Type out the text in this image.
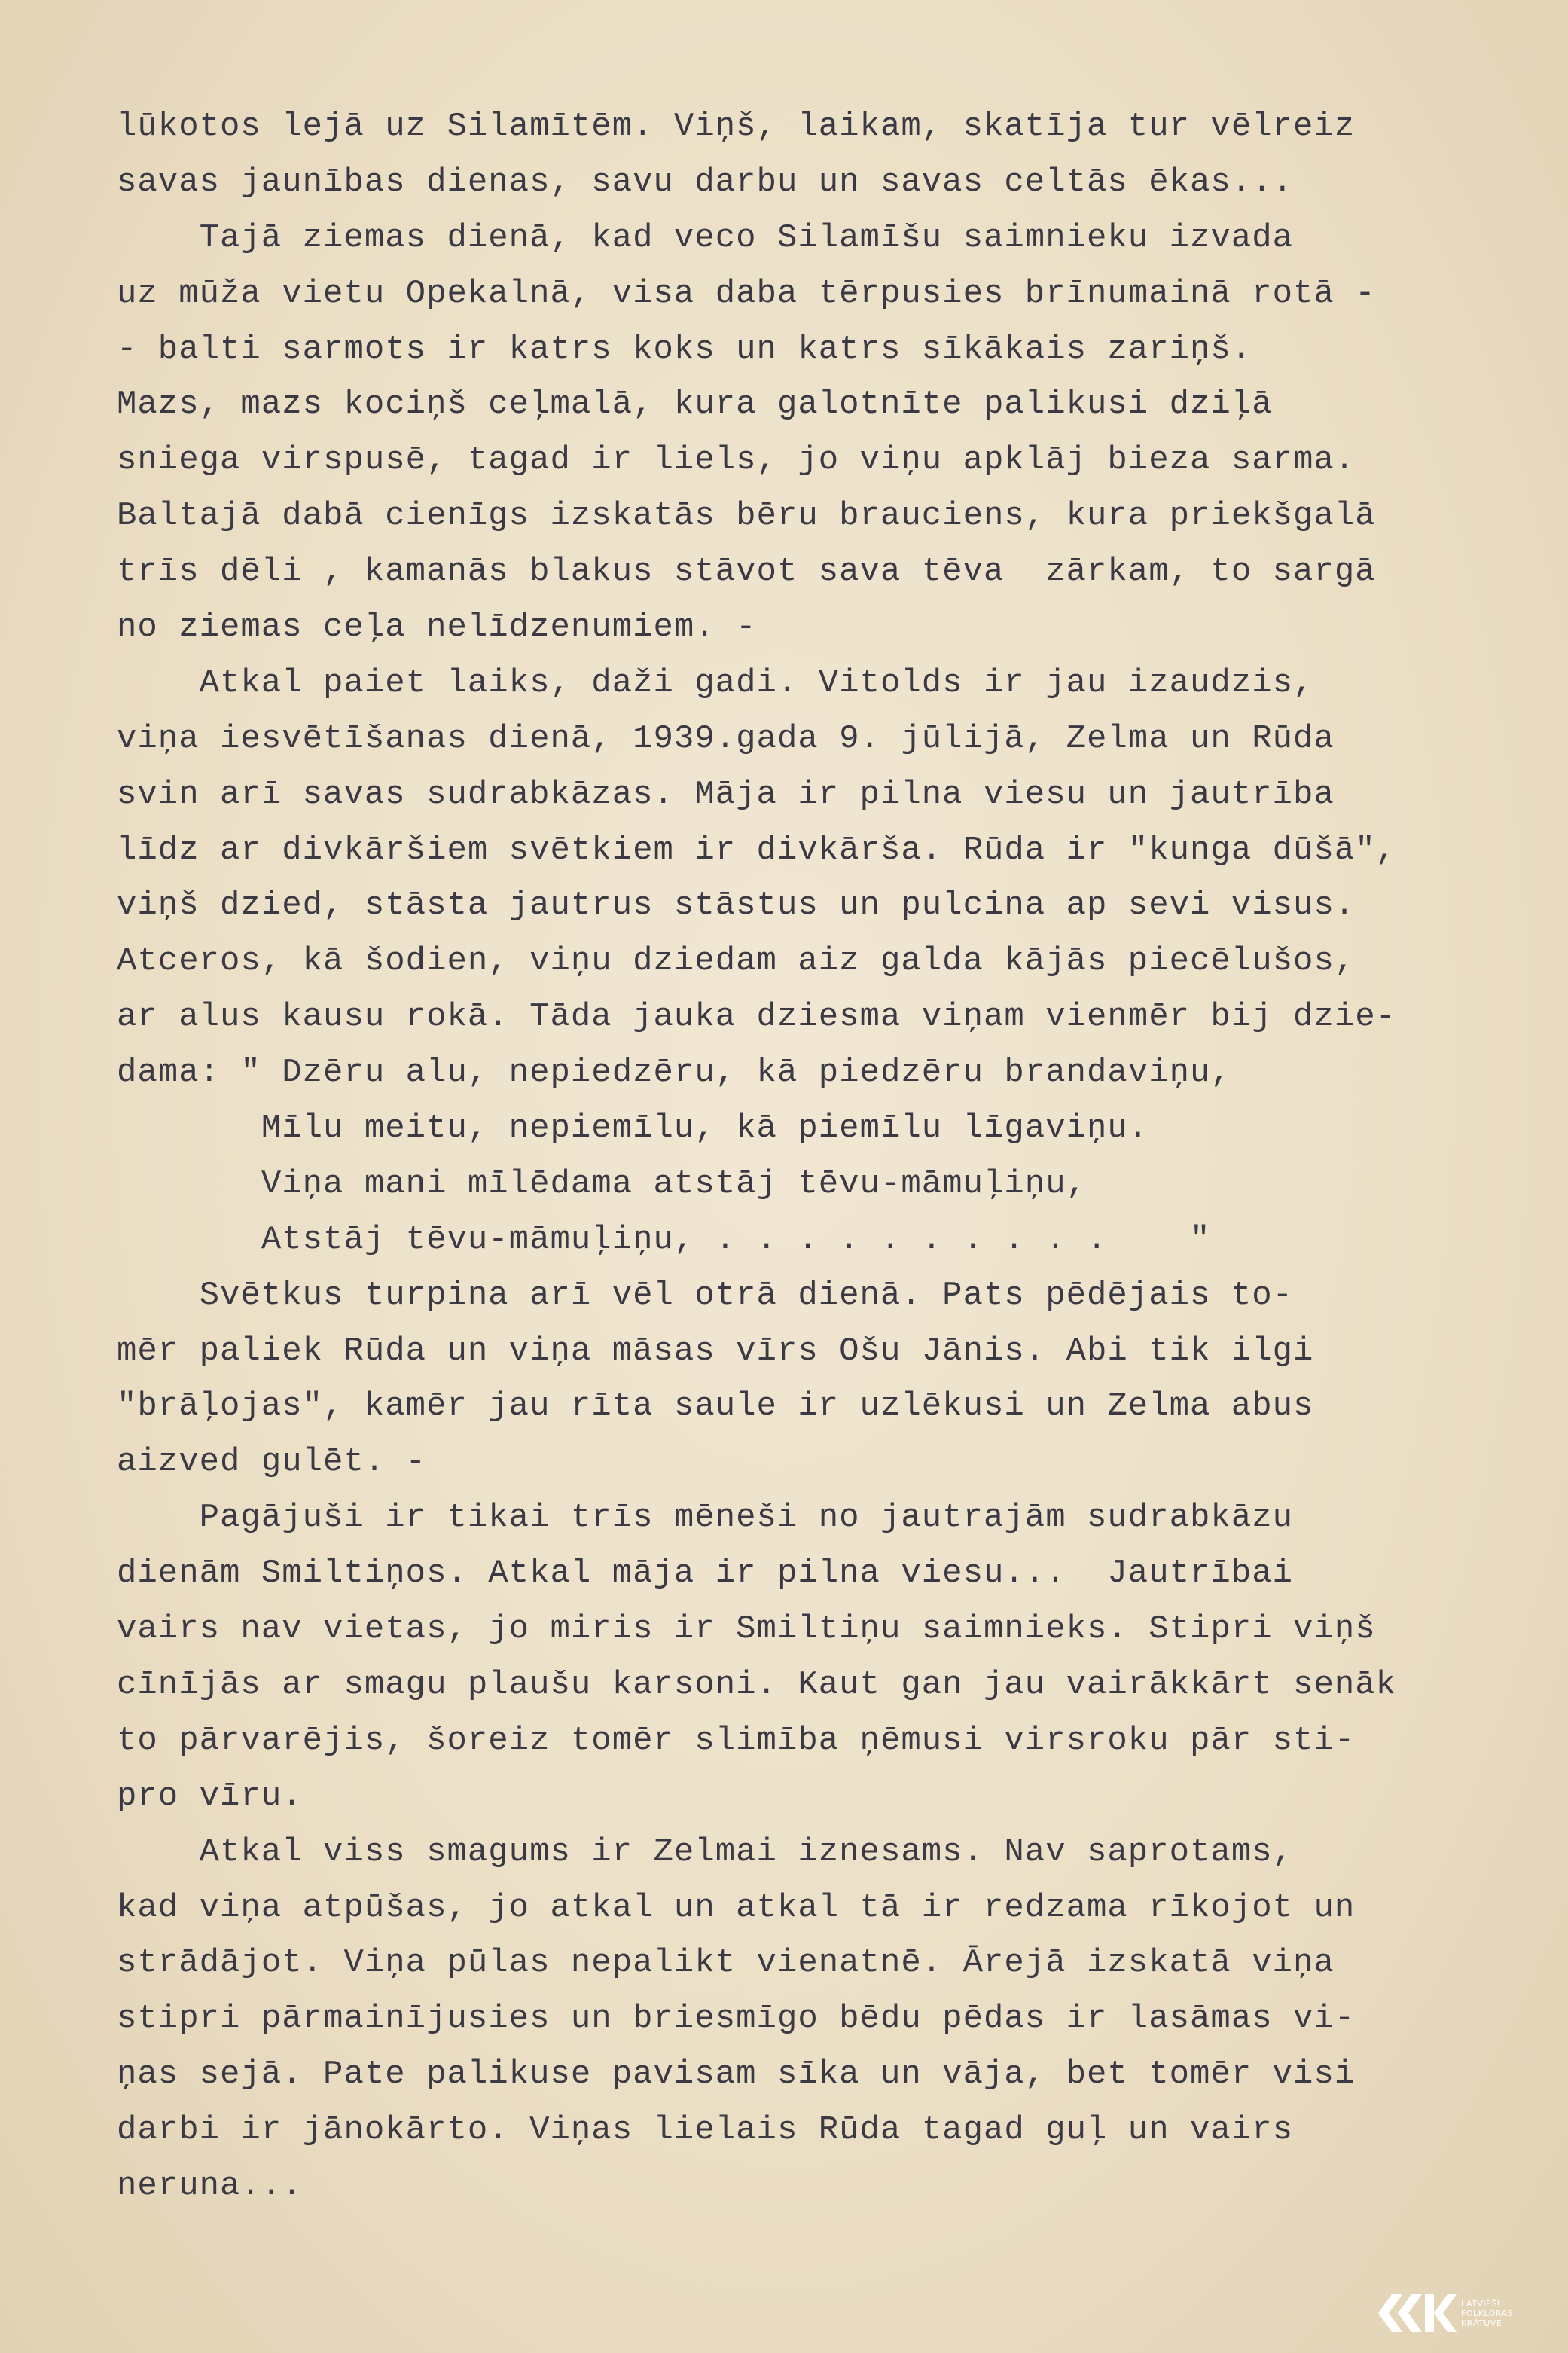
lūkotos lejā uz Silamītēm. Viņš, laikam, skatīja tur vēlreiz
savas jaunības dienas, savu darbu un savas celtās ēkas...
Tajā ziemas dienā, kad veco Silamīšu saimnieku izvada
uz mūža vietu Opekalnā, visa daba tērpusies brīnumainā rotā -
- balti sarmots ir katrs koks un katrs sīkākais zariņš.
Mazs, mazs kociņš ceļmalā, kura galotnīte palikusi dziļā
sniega virspusē, tagad ir liels, jo viņu apklāj bieza sarma.
Baltajā dabā cienīgs izskatās bēru brauciens, kura priekšgalā
trīs dēli , kamanās blakus stāvot sava tēva  zārkam, to sargā
no ziemas ceļa nelīdzenumiem. -
Atkal paiet laiks, daži gadi. Vitolds ir jau izaudzis,
viņa iesvētīšanas dienā, 1939.gada 9. jūlijā, Zelma un Rūda
svin arī savas sudrabkāzas. Māja ir pilna viesu un jautrība
līdz ar divkāršiem svētkiem ir divkārša. Rūda ir "kunga dūšā",
viņš dzied, stāsta jautrus stāstus un pulcina ap sevi visus.
Atceros, kā šodien, viņu dziedam aiz galda kājās piecēlušos,
ar alus kausu rokā. Tāda jauka dziesma viņam vienmēr bij dzie-
dama: " Dzēru alu, nepiedzēru, kā piedzēru brandaviņu,
Mīlu meitu, nepiemīlu, kā piemīlu līgaviņu.
Viņa mani mīlēdama atstāj tēvu-māmuļiņu,
Atstāj tēvu-māmuļiņu, . . . . . . . . . .    "
Svētkus turpina arī vēl otrā dienā. Pats pēdējais to-
mēr paliek Rūda un viņa māsas vīrs Ošu Jānis. Abi tik ilgi
"brāļojas", kamēr jau rīta saule ir uzlēkusi un Zelma abus
aizved gulēt. -
Pagājuši ir tikai trīs mēneši no jautrajām sudrabkāzu
dienām Smiltiņos. Atkal māja ir pilna viesu...  Jautrībai
vairs nav vietas, jo miris ir Smiltiņu saimnieks. Stipri viņš
cīnījās ar smagu plaušu karsoni. Kaut gan jau vairākkārt senāk
to pārvarējis, šoreiz tomēr slimība ņēmusi virsroku pār sti-
pro vīru.
Atkal viss smagums ir Zelmai iznesams. Nav saprotams,
kad viņa atpūšas, jo atkal un atkal tā ir redzama rīkojot un
strādājot. Viņa pūlas nepalikt vienatnē. Ārejā izskatā viņa
stipri pārmainījusies un briesmīgo bēdu pēdas ir lasāmas vi-
ņas sejā. Pate palikuse pavisam sīka un vāja, bet tomēr visi
darbi ir jānokārto. Viņas lielais Rūda tagad guļ un vairs
neruna...
LATVIEŠU
FOLKLORAS
KRĀTUVE
